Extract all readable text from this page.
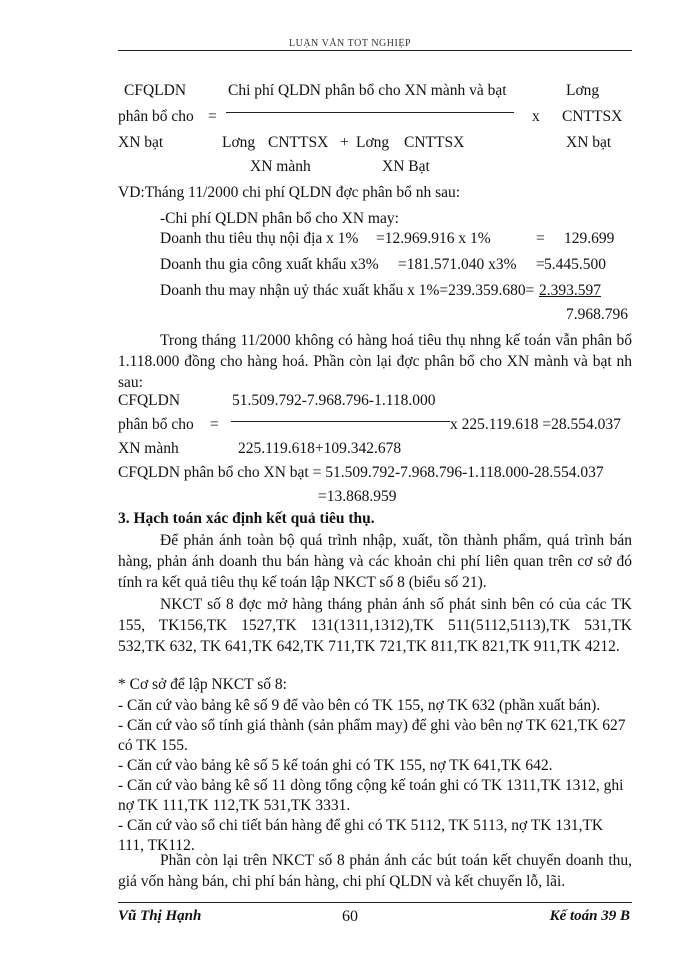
LUẬN VĂN TỐT NGHIỆP
CFQLDN
phân bổ cho
XN bạt
=
Chi phí QLDN phân bổ cho XN mành và bạt
Lơng CNTTSX + Lơng CNTTSX
XN mành	XN Bạt
x
Lơng
CNTTSX
XN bạt
VD:Tháng 11/2000 chi phí QLDN đợc phân bổ nh sau:
-Chi phí QLDN phân bổ cho XN may:
Doanh thu tiêu thụ nội địa x 1% =12.969.916 x 1%	= 129.699
Doanh thu gia công xuất khẩu x3% =181.571.040 x3% = 5.445.500
Doanh thu may nhận uỷ thác xuất khẩu x 1%=239.359.680= 2.393.597
7.968.796
Trong tháng 11/2000 không có hàng hoá tiêu thụ nhng kế toán vẫn phân bổ 1.118.000 đồng cho hàng hoá. Phần còn lại đợc phân bổ cho XN mành và bạt nh sau:
CFQLDN
phân bổ cho
XN mành
=
51.509.792-7.968.796-1.118.000
x 225.119.618 =28.554.037
225.119.618+109.342.678
CFQLDN phân bổ cho XN bạt = 51.509.792-7.968.796-1.118.000-28.554.037
=13.868.959
3. Hạch toán xác định kết quả tiêu thụ.
Để phản ánh toàn bộ quá trình nhập, xuất, tồn thành phẩm, quá trình bán hàng, phản ánh doanh thu bán hàng và các khoản chi phí liên quan trên cơ sở đó tính ra kết quả tiêu thụ kế toán lập NKCT số 8 (biểu số 21).
NKCT số 8 đợc mở hàng tháng phản ánh số phát sinh bên có của các TK 155, TK156,TK 1527,TK 131(1311,1312),TK 511(5112,5113),TK 531,TK 532,TK 632, TK 641,TK 642,TK 711,TK 721,TK 811,TK 821,TK 911,TK 4212.
* Cơ sở để lập NKCT số 8:
- Căn cứ vào bảng kê số 9 để vào bên có TK 155, nợ TK 632 (phần xuất bán).
- Căn cứ vào sổ tính giá thành (sản phẩm may) để ghi vào bên nợ TK 621,TK 627 có TK 155.
- Căn cứ vào bảng kê số 5 kế toán ghi có TK 155, nợ TK 641,TK 642.
- Căn cứ vào bảng kê số 11 dòng tổng cộng kế toán ghi có TK 1311,TK 1312, ghi nợ TK 111,TK 112,TK 531,TK 3331.
- Căn cứ vào sổ chi tiết bán hàng để ghi có TK 5112, TK 5113, nợ TK 131,TK 111, TK112.
Phần còn lại trên NKCT số 8 phản ánh các bút toán kết chuyển doanh thu, giá vốn hàng bán, chi phí bán hàng, chi phí QLDN và kết chuyển lỗ, lãi.
Vũ Thị Hạnh	60	Kế toán 39 B
